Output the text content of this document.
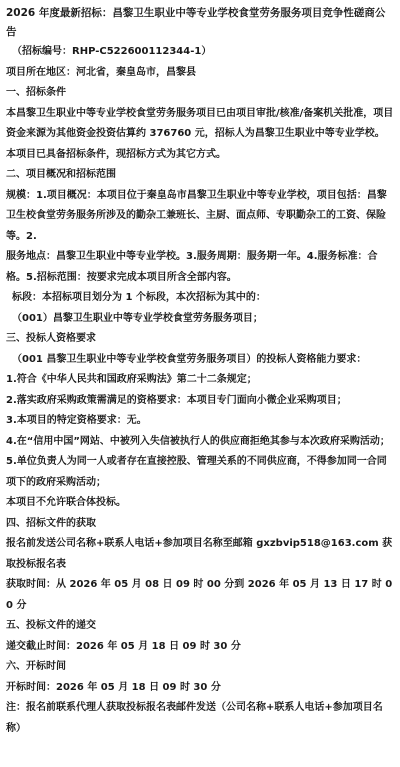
2026 年度最新招标：昌黎卫生职业中等专业学校食堂劳务服务项目竞争性磋商公告

（招标编号：RHP-C522600112344-1）

项目所在地区：河北省，秦皇岛市，昌黎县

一、招标条件

本昌黎卫生职业中等专业学校食堂劳务服务项目已由项目审批/核准/备案机关批准，项目资金来源为其他资金投资估算约 376760 元，招标人为昌黎卫生职业中等专业学校。本项目已具备招标条件，现招标方式为其它方式。

二、项目概况和招标范围

规模：1.项目概况：本项目位于秦皇岛市昌黎卫生职业中等专业学校，项目包括：昌黎卫生校食堂劳务服务所涉及的勤杂工兼班长、主厨、面点师、专职勤杂工的工资、保险等。2.

服务地点：昌黎卫生职业中等专业学校。3.服务周期：服务期一年。4.服务标准：合格。5.招标范围：按要求完成本项目所含全部内容。

标段：本招标项目划分为 1 个标段，本次招标为其中的：

（001）昌黎卫生职业中等专业学校食堂劳务服务项目；

三、投标人资格要求

（001 昌黎卫生职业中等专业学校食堂劳务服务项目）的投标人资格能力要求：

1.符合《中华人民共和国政府采购法》第二十二条规定；

2.落实政府采购政策需满足的资格要求：本项目专门面向小微企业采购项目；

3.本项目的特定资格要求：无。

4.在“信用中国”网站、中被列入失信被执行人的供应商拒绝其参与本次政府采购活动；

5.单位负责人为同一人或者存在直接控股、管理关系的不同供应商，不得参加同一合同项下的政府采购活动；

本项目不允许联合体投标。

四、招标文件的获取

报名前发送公司名称+联系人电话+参加项目名称至邮箱 gxzbvip518@163.com 获取投标报名表

获取时间：从 2026 年 05 月 08 日 09 时 00 分到 2026 年 05 月 13 日 17 时 00 分

五、投标文件的递交

递交截止时间：2026 年 05 月 18 日 09 时 30 分

六、开标时间

开标时间：2026 年 05 月 18 日 09 时 30 分

注：报名前联系代理人获取投标报名表邮件发送（公司名称+联系人电话+参加项目名称）
